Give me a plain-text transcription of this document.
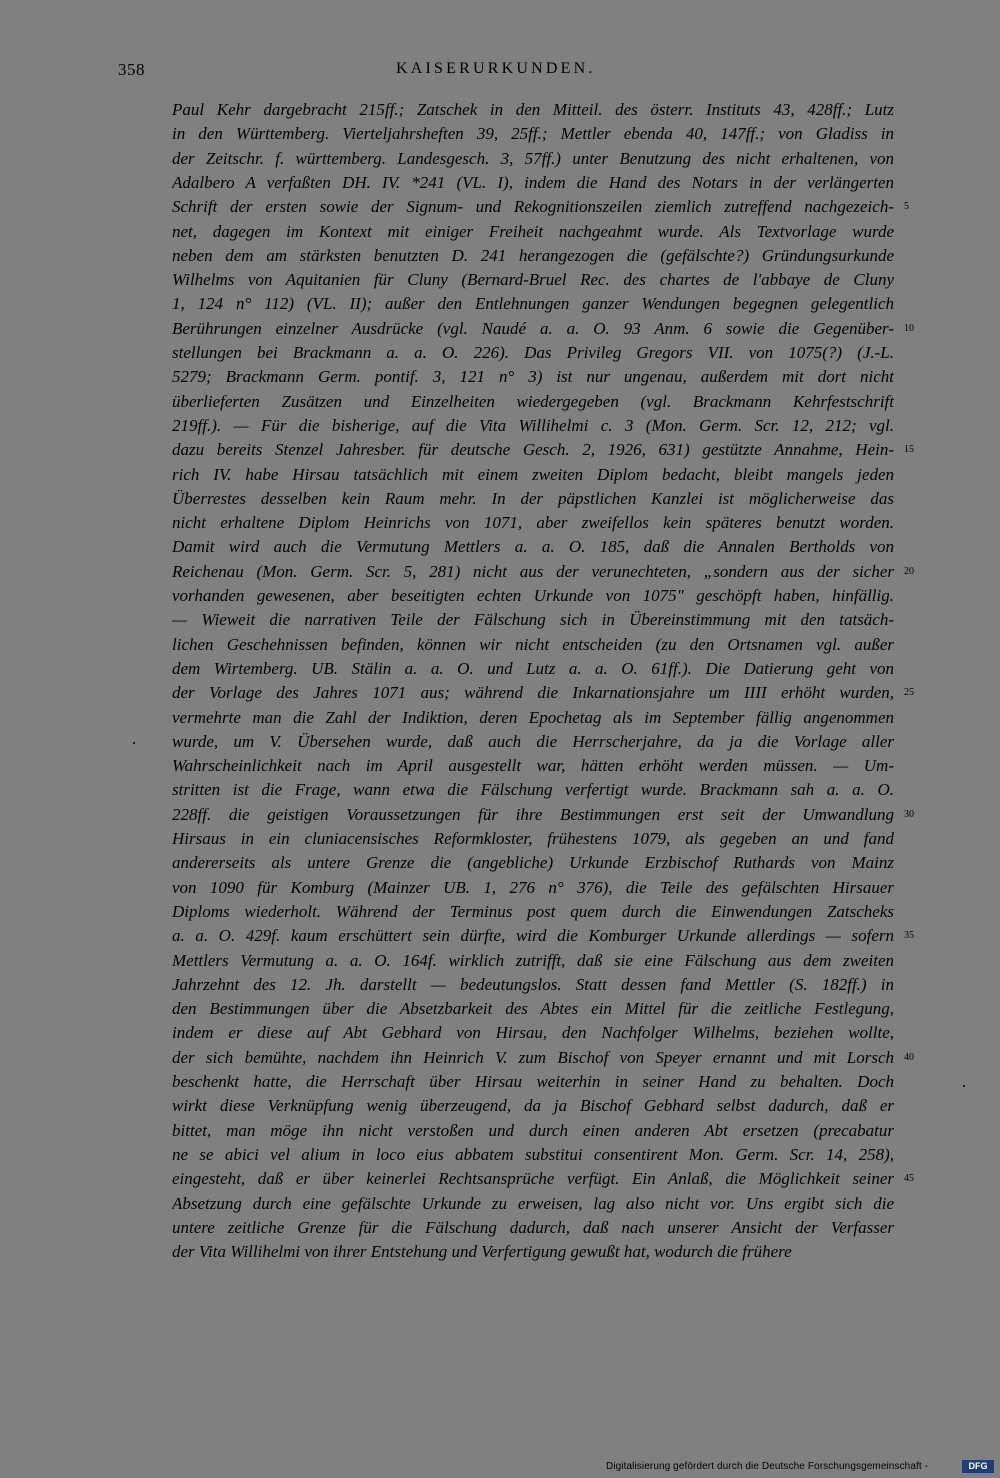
358	KAISERURKUNDEN.
Paul Kehr dargebracht 215ff.; Zatschek in den Mitteil. des österr. Instituts 43, 428ff.; Lutz
in den Württemberg. Vierteljahrsheften 39, 25ff.; Mettler ebenda 40, 147ff.; von Gladiss in
der Zeitschr. f. württemberg. Landesgesch. 3, 57ff.) unter Benutzung des nicht erhaltenen, von
Adalbero A verfaßten DH. IV. *241 (VL. I), indem die Hand des Notars in der verlängerten
Schrift der ersten sowie der Signum- und Rekognitionszeilen ziemlich zutreffend nachgezeich-
net, dagegen im Kontext mit einiger Freiheit nachgeahmt wurde. Als Textvorlage wurde
neben dem am stärksten benutzten D. 241 herangezogen die (gefälschte?) Gründungsurkunde
Wilhelms von Aquitanien für Cluny (Bernard-Bruel Rec. des chartes de l'abbaye de Cluny
1, 124 n° 112) (VL. II); außer den Entlehnungen ganzer Wendungen begegnen gelegentlich
Berührungen einzelner Ausdrücke (vgl. Naudé a. a. O. 93 Anm. 6 sowie die Gegenüber-
stellungen bei Brackmann a. a. O. 226). Das Privileg Gregors VII. von 1075(?) (J.-L.
5279; Brackmann Germ. pontif. 3, 121 n° 3) ist nur ungenau, außerdem mit dort nicht
überlieferten Zusätzen und Einzelheiten wiedergegeben (vgl. Brackmann Kehrfestschrift
219ff.). — Für die bisherige, auf die Vita Willihelmi c. 3 (Mon. Germ. Scr. 12, 212; vgl.
dazu bereits Stenzel Jahresber. für deutsche Gesch. 2, 1926, 631) gestützte Annahme, Hein-
rich IV. habe Hirsau tatsächlich mit einem zweiten Diplom bedacht, bleibt mangels jeden
Überrestes desselben kein Raum mehr. In der päpstlichen Kanzlei ist möglicherweise das
nicht erhaltene Diplom Heinrichs von 1071, aber zweifellos kein späteres benutzt worden.
Damit wird auch die Vermutung Mettlers a. a. O. 185, daß die Annalen Bertholds von
Reichenau (Mon. Germ. Scr. 5, 281) nicht aus der verunechteten, „sondern aus der sicher
vorhanden gewesenen, aber beseitigten echten Urkunde von 1075" geschöpft haben, hinfällig.
— Wieweit die narrativen Teile der Fälschung sich in Übereinstimmung mit den tatsäch-
lichen Geschehnissen befinden, können wir nicht entscheiden (zu den Ortsnamen vgl. außer
dem Wirtemberg. UB. Stälin a. a. O. und Lutz a. a. O. 61ff.). Die Datierung geht von
der Vorlage des Jahres 1071 aus; während die Inkarnationsjahre um IIII erhöht wurden,
vermehrte man die Zahl der Indiktion, deren Epochetag als im September fällig angenommen
wurde, um V. Übersehen wurde, daß auch die Herrscherjahre, da ja die Vorlage aller
Wahrscheinlichkeit nach im April ausgestellt war, hätten erhöht werden müssen. — Um-
stritten ist die Frage, wann etwa die Fälschung verfertigt wurde. Brackmann sah a. a. O.
228ff. die geistigen Voraussetzungen für ihre Bestimmungen erst seit der Umwandlung
Hirsaus in ein cluniacensisches Reformkloster, frühestens 1079, als gegeben an und fand
andererseits als untere Grenze die (angebliche) Urkunde Erzbischof Ruthards von Mainz
von 1090 für Komburg (Mainzer UB. 1, 276 n° 376), die Teile des gefälschten Hirsauer
Diploms wiederholt. Während der Terminus post quem durch die Einwendungen Zatscheks
a. a. O. 429f. kaum erschüttert sein dürfte, wird die Komburger Urkunde allerdings — sofern
Mettlers Vermutung a. a. O. 164f. wirklich zutrifft, daß sie eine Fälschung aus dem zweiten
Jahrzehnt des 12. Jh. darstellt — bedeutungslos. Statt dessen fand Mettler (S. 182ff.) in
den Bestimmungen über die Absetzbarkeit des Abtes ein Mittel für die zeitliche Festlegung,
indem er diese auf Abt Gebhard von Hirsau, den Nachfolger Wilhelms, beziehen wollte,
der sich bemühte, nachdem ihn Heinrich V. zum Bischof von Speyer ernannt und mit Lorsch
beschenkt hatte, die Herrschaft über Hirsau weiterhin in seiner Hand zu behalten. Doch
wirkt diese Verknüpfung wenig überzeugend, da ja Bischof Gebhard selbst dadurch, daß er
bittet, man möge ihn nicht verstoßen und durch einen anderen Abt ersetzen (precabatur
ne se abici vel alium in loco eius abbatem substitui consentirent Mon. Germ. Scr. 14, 258),
eingesteht, daß er über keinerlei Rechtsansprüche verfügt. Ein Anlaß, die Möglichkeit seiner
Absetzung durch eine gefälschte Urkunde zu erweisen, lag also nicht vor. Uns ergibt sich die
untere zeitliche Grenze für die Fälschung dadurch, daß nach unserer Ansicht der Verfasser
der Vita Willihelmi von ihrer Entstehung und Verfertigung gewußt hat, wodurch die frühere
5
10
15
20
25
30
35
40
45
Digitalisierung gefördert durch die Deutsche Forschungsgemeinschaft -	DFG
